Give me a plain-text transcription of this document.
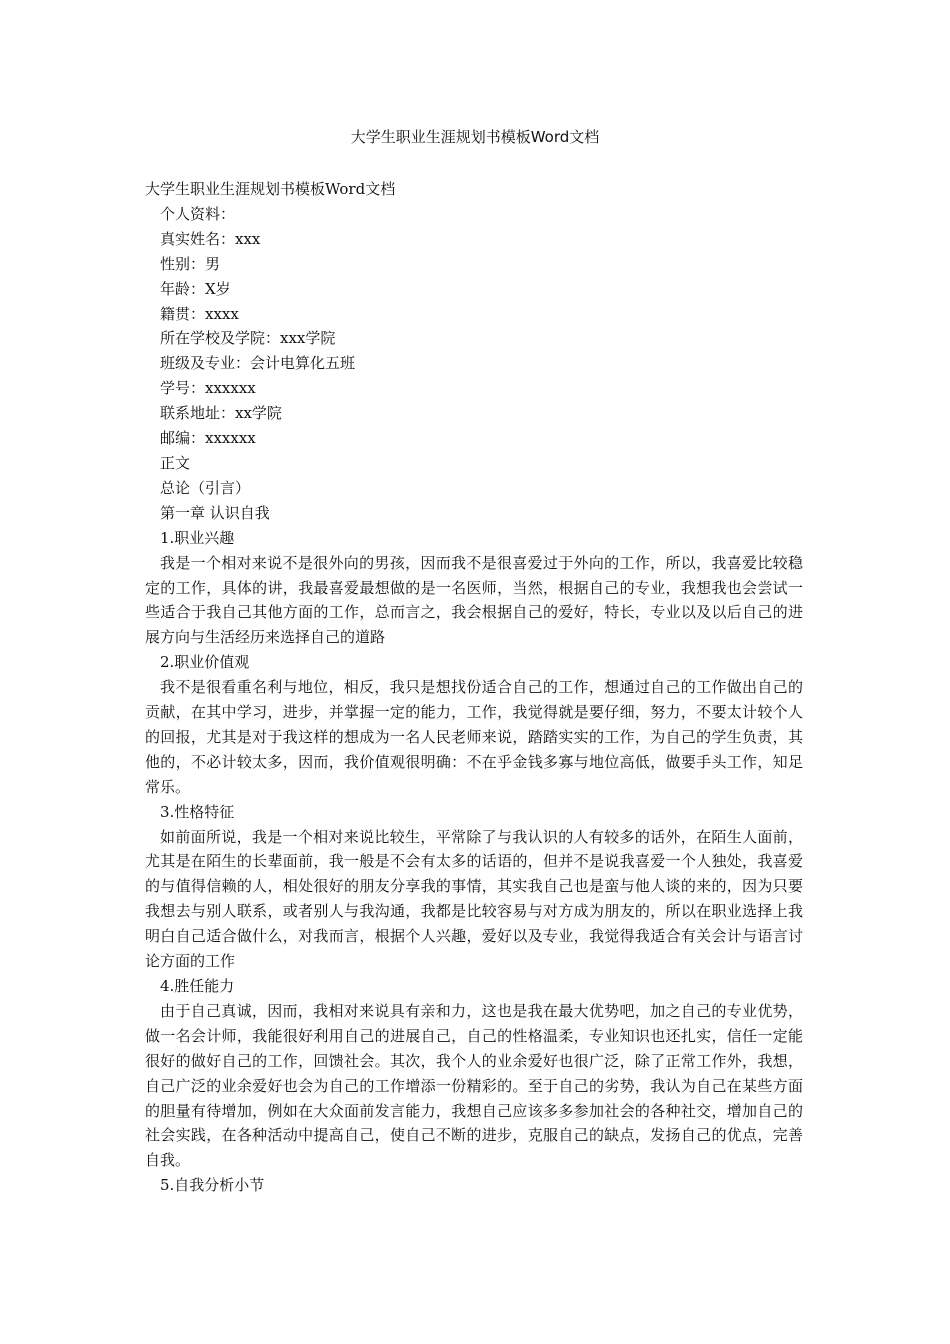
大学生职业生涯规划书模板Word文档
大学生职业生涯规划书模板Word文档
个人资料：
真实姓名：xxx
性别：男
年龄：X岁
籍贯：xxxx
所在学校及学院：xxx学院
班级及专业：会计电算化五班
学号：xxxxxx
联系地址：xx学院
邮编：xxxxxx
正文
总论（引言）
第一章 认识自我
1.职业兴趣
我是一个相对来说不是很外向的男孩，因而我不是很喜爱过于外向的工作，所以，我喜爱比较稳定的工作，具体的讲，我最喜爱最想做的是一名医师，当然，根据自己的专业，我想我也会尝试一些适合于我自己其他方面的工作，总而言之，我会根据自己的爱好，特长，专业以及以后自己的进展方向与生活经历来选择自己的道路
2.职业价值观
我不是很看重名利与地位，相反，我只是想找份适合自己的工作，想通过自己的工作做出自己的贡献，在其中学习，进步，并掌握一定的能力，工作，我觉得就是要仔细，努力，不要太计较个人的回报，尤其是对于我这样的想成为一名人民老师来说，踏踏实实的工作，为自己的学生负责，其他的，不必计较太多，因而，我价值观很明确：不在乎金钱多寡与地位高低，做要手头工作，知足常乐。
3.性格特征
如前面所说，我是一个相对来说比较生，平常除了与我认识的人有较多的话外，在陌生人面前，尤其是在陌生的长辈面前，我一般是不会有太多的话语的，但并不是说我喜爱一个人独处，我喜爱的与值得信赖的人，相处很好的朋友分享我的事情，其实我自己也是蛮与他人谈的来的，因为只要我想去与别人联系，或者别人与我沟通，我都是比较容易与对方成为朋友的，所以在职业选择上我明白自己适合做什么，对我而言，根据个人兴趣，爱好以及专业，我觉得我适合有关会计与语言讨论方面的工作
4.胜任能力
由于自己真诚，因而，我相对来说具有亲和力，这也是我在最大优势吧，加之自己的专业优势，做一名会计师，我能很好利用自己的进展自己，自己的性格温柔，专业知识也还扎实，信任一定能很好的做好自己的工作，回馈社会。其次，我个人的业余爱好也很广泛，除了正常工作外，我想，自己广泛的业余爱好也会为自己的工作增添一份精彩的。至于自己的劣势，我认为自己在某些方面的胆量有待增加，例如在大众面前发言能力，我想自己应该多多参加社会的各种社交，增加自己的社会实践，在各种活动中提高自己，使自己不断的进步，克服自己的缺点，发扬自己的优点，完善自我。
5.自我分析小节
